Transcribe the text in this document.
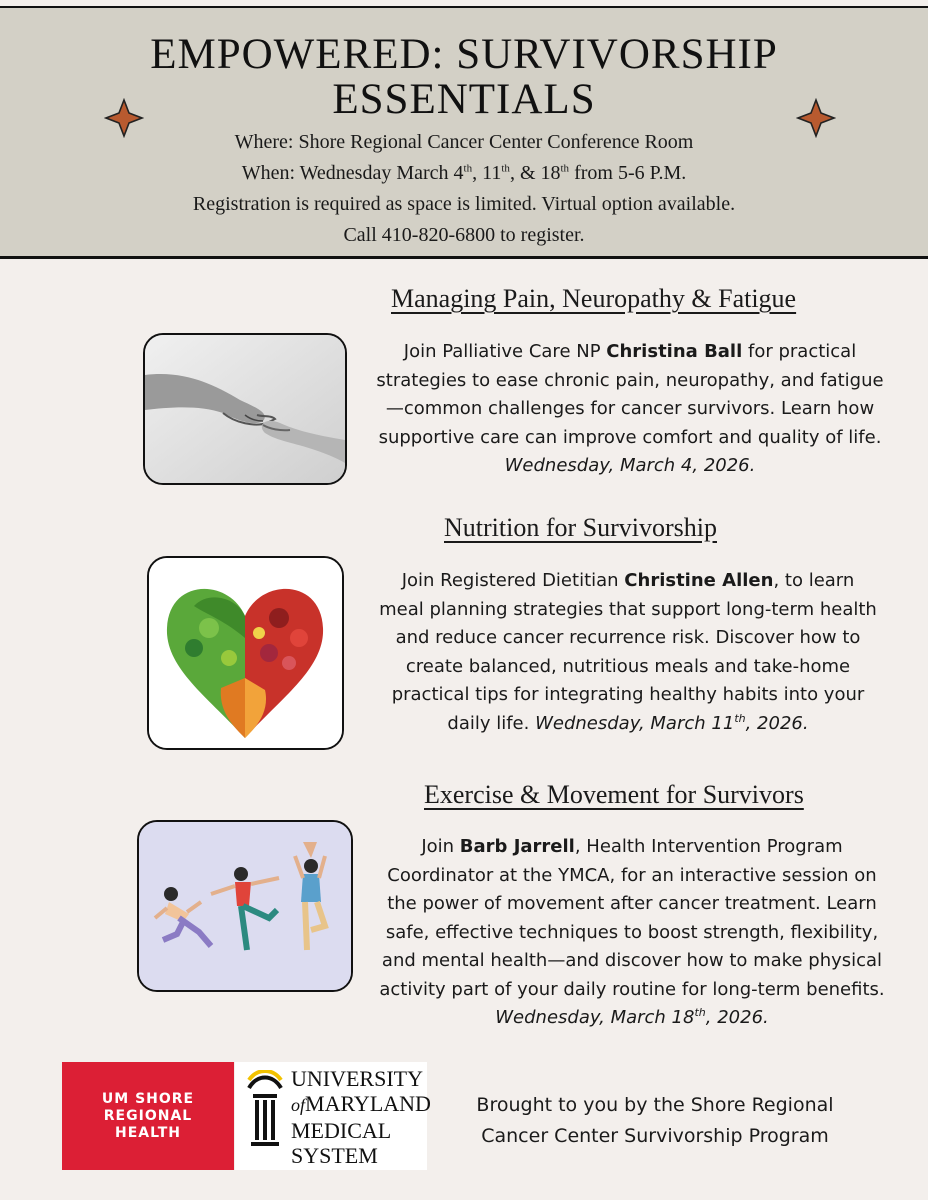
EMPOWERED: SURVIVORSHIP
ESSENTIALS
Where: Shore Regional Cancer Center Conference Room
When: Wednesday March 4th, 11th, & 18th from 5-6 P.M.
Registration is required as space is limited. Virtual option available.
Call 410-820-6800 to register.
Managing Pain, Neuropathy & Fatigue
Join Palliative Care NP Christina Ball for practical strategies to ease chronic pain, neuropathy, and fatigue—common challenges for cancer survivors. Learn how supportive care can improve comfort and quality of life. Wednesday, March 4, 2026.
Nutrition for Survivorship
Join Registered Dietitian Christine Allen, to learn meal planning strategies that support long-term health and reduce cancer recurrence risk. Discover how to create balanced, nutritious meals and take-home practical tips for integrating healthy habits into your daily life. Wednesday, March 11th, 2026.
Exercise & Movement for Survivors
Join Barb Jarrell, Health Intervention Program Coordinator at the YMCA, for an interactive session on the power of movement after cancer treatment. Learn safe, effective techniques to boost strength, flexibility, and mental health—and discover how to make physical activity part of your daily routine for long-term benefits. Wednesday, March 18th, 2026.
UM SHORE
REGIONAL
HEALTH
UNIVERSITY
ofMARYLAND
MEDICAL
SYSTEM
Brought to you by the Shore Regional
Cancer Center Survivorship Program
